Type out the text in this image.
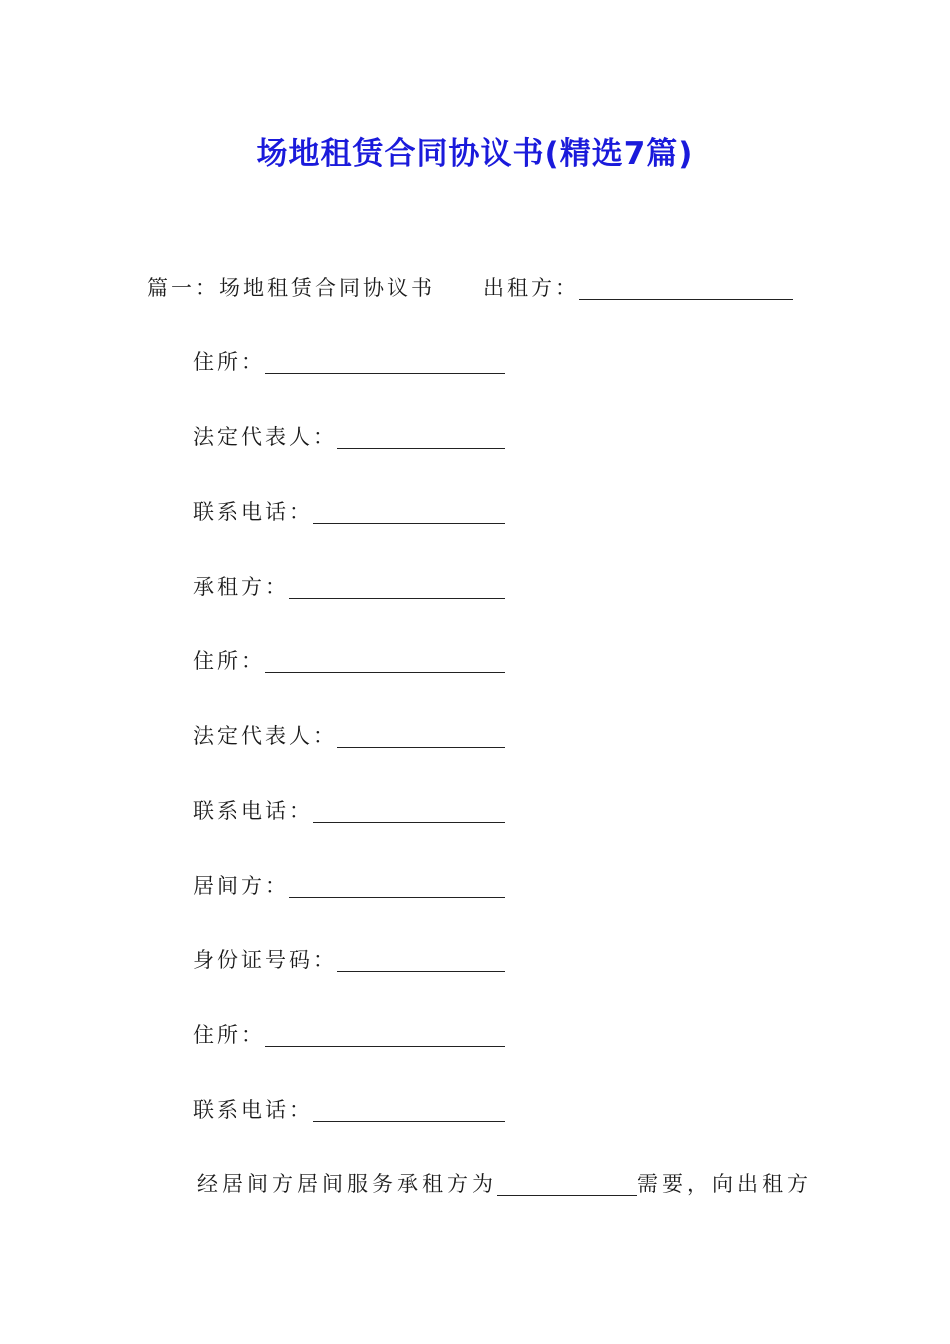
场地租赁合同协议书(精选7篇)
篇一：场地租赁合同协议书 出租方：
住所：
法定代表人：
联系电话：
承租方：
住所：
法定代表人：
联系电话：
居间方：
身份证号码：
住所：
联系电话：
经居间方居间服务承租方为	需要，向出租方
